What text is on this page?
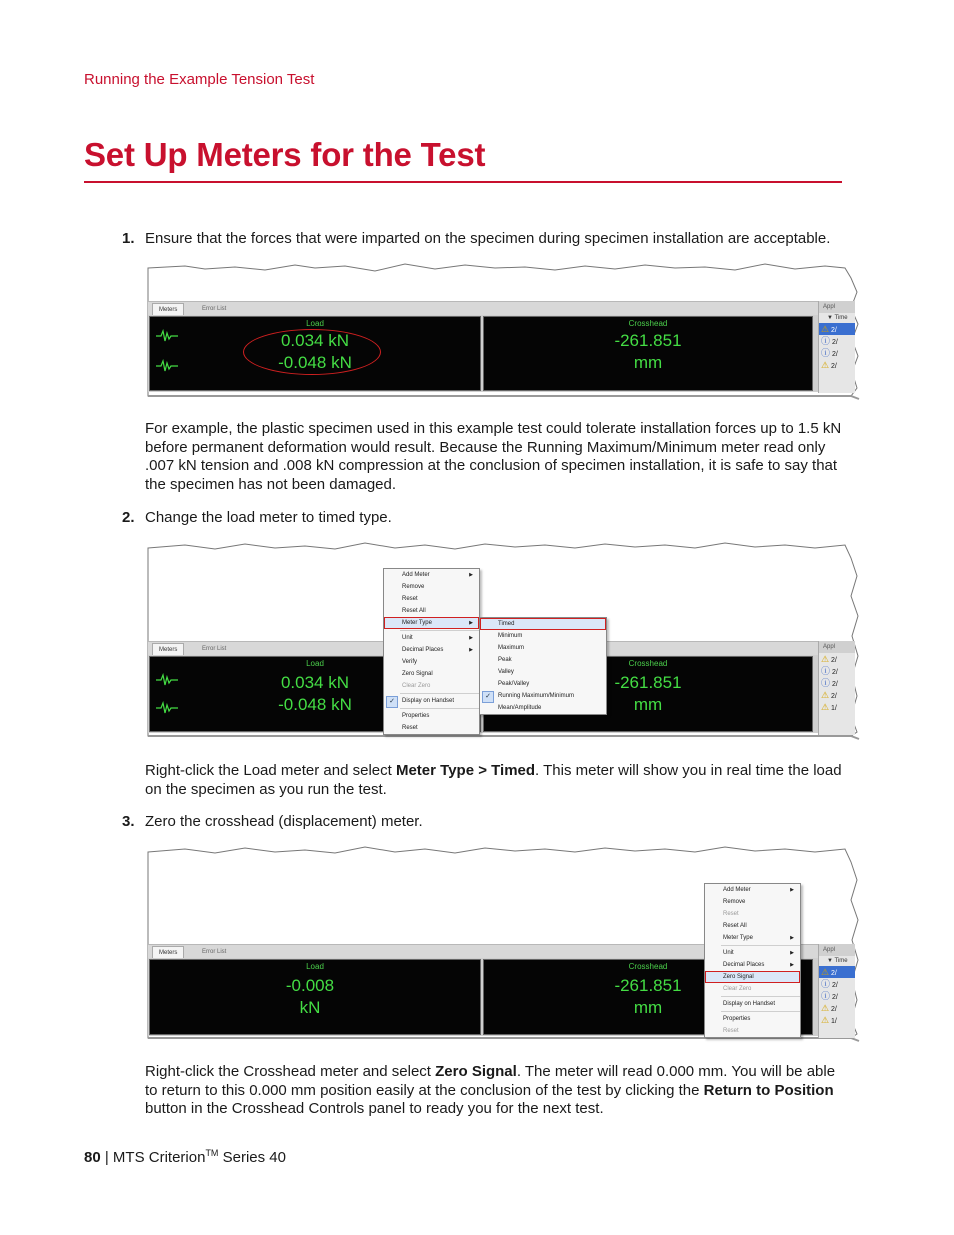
Running the Example Tension Test
Set Up Meters for the Test
1. Ensure that the forces that were imparted on the specimen during specimen installation are acceptable.
Meters	Error List
Load
0.034 kN
-0.048 kN
Crosshead
-261.851
mm
Appl
▼ Time
⚠ 2/
ⓘ 2/
ⓘ 2/
⚠ 2/
For example, the plastic specimen used in this example test could tolerate installation forces up to 1.5 kN before permanent deformation would result. Because the Running Maximum/Minimum meter read only .007 kN tension and .008 kN compression at the conclusion of specimen installation, it is safe to say that the specimen has not been damaged.
2. Change the load meter to timed type.
Meters	Error List
Load
0.034 kN
-0.048 kN
Crosshead
-261.851
mm
Appl
⚠ 2/
ⓘ 2/
ⓘ 2/
⚠ 2/
⚠ 1/
Add Meter	▶
Remove
Reset
Reset All
Meter Type	▶
Unit	▶
Decimal Places	▶
Verify
Zero Signal
Clear Zero
✓	Display on Handset
Properties
Reset
Timed
Minimum
Maximum
Peak
Valley
Peak/Valley
✓	Running Maximum/Minimum
Mean/Amplitude
Right-click the Load meter and select Meter Type > Timed. This meter will show you in real time the load on the specimen as you run the test.
3. Zero the crosshead (displacement) meter.
Meters	Error List
Load
-0.008
kN
Crosshead
-261.851
mm
Appl
▼ Time
⚠ 2/
ⓘ 2/
ⓘ 2/
⚠ 2/
⚠ 1/
Add Meter	▶
Remove
Reset
Reset All
Meter Type	▶
Unit	▶
Decimal Places	▶
Zero Signal
Clear Zero
Display on Handset
Properties
Reset
Right-click the Crosshead meter and select Zero Signal. The meter will read 0.000 mm. You will be able to return to this 0.000 mm position easily at the conclusion of the test by clicking the Return to Position button in the Crosshead Controls panel to ready you for the next test.
80 | MTS Criterion™ Series 40
